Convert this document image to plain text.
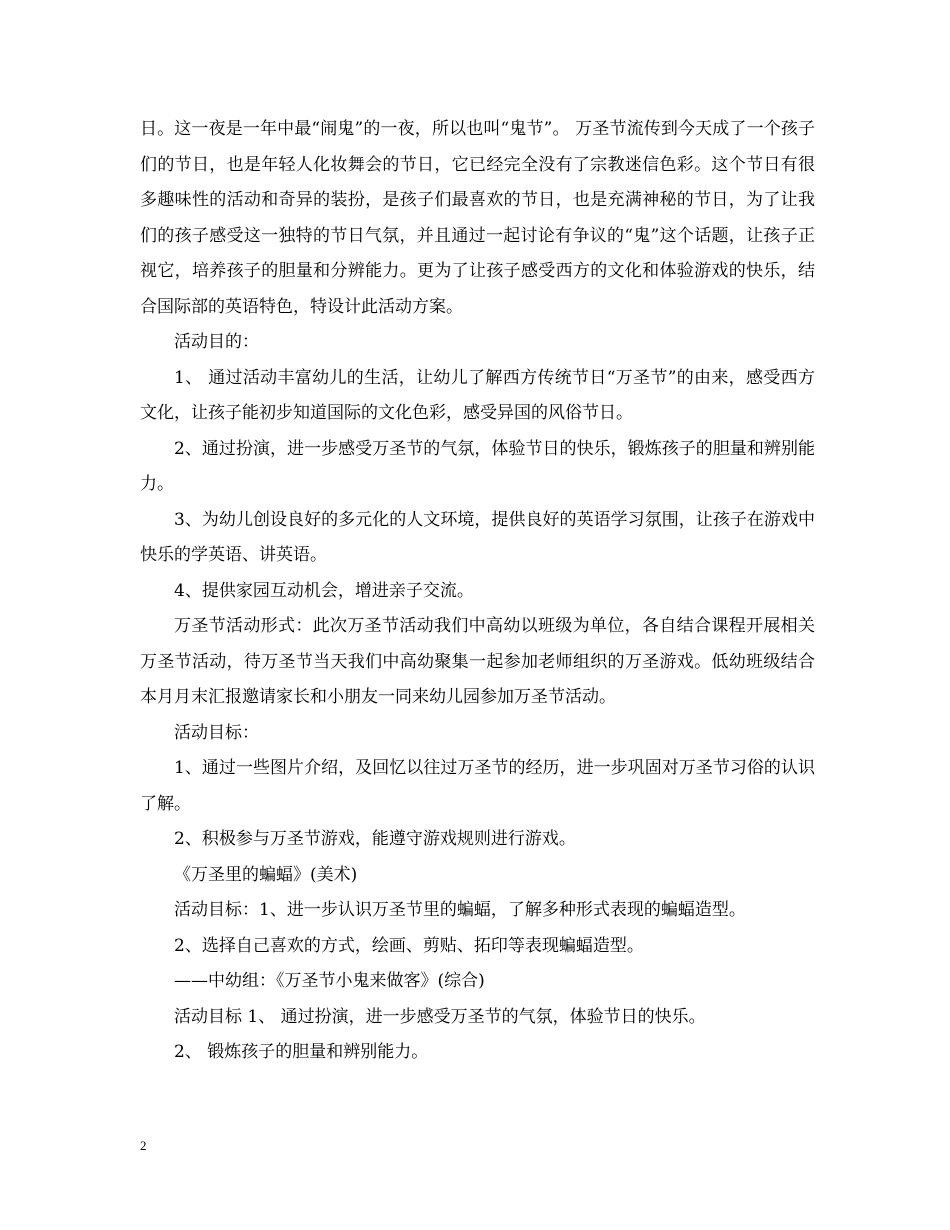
日。这一夜是一年中最“闹鬼”的一夜，所以也叫“鬼节”。 万圣节流传到今天成了一个孩子们的节日，也是年轻人化妆舞会的节日，它已经完全没有了宗教迷信色彩。这个节日有很多趣味性的活动和奇异的装扮，是孩子们最喜欢的节日，也是充满神秘的节日，为了让我们的孩子感受这一独特的节日气氛，并且通过一起讨论有争议的“鬼”这个话题，让孩子正视它，培养孩子的胆量和分辨能力。更为了让孩子感受西方的文化和体验游戏的快乐，结合国际部的英语特色，特设计此活动方案。

活动目的：

1、 通过活动丰富幼儿的生活，让幼儿了解西方传统节日“万圣节”的由来，感受西方文化，让孩子能初步知道国际的文化色彩，感受异国的风俗节日。

2、通过扮演，进一步感受万圣节的气氛，体验节日的快乐，锻炼孩子的胆量和辨别能力。

3、为幼儿创设良好的多元化的人文环境，提供良好的英语学习氛围，让孩子在游戏中快乐的学英语、讲英语。

4、提供家园互动机会，增进亲子交流。

万圣节活动形式：此次万圣节活动我们中高幼以班级为单位，各自结合课程开展相关万圣节活动，待万圣节当天我们中高幼聚集一起参加老师组织的万圣游戏。低幼班级结合本月月末汇报邀请家长和小朋友一同来幼儿园参加万圣节活动。

活动目标：

1、通过一些图片介绍，及回忆以往过万圣节的经历，进一步巩固对万圣节习俗的认识了解。

2、积极参与万圣节游戏，能遵守游戏规则进行游戏。

《万圣里的蝙蝠》(美术)

活动目标：1、进一步认识万圣节里的蝙蝠，了解多种形式表现的蝙蝠造型。

2、选择自己喜欢的方式，绘画、剪贴、拓印等表现蝙蝠造型。

——中幼组：《万圣节小鬼来做客》(综合)

活动目标 1、 通过扮演，进一步感受万圣节的气氛，体验节日的快乐。

2、 锻炼孩子的胆量和辨别能力。

2
